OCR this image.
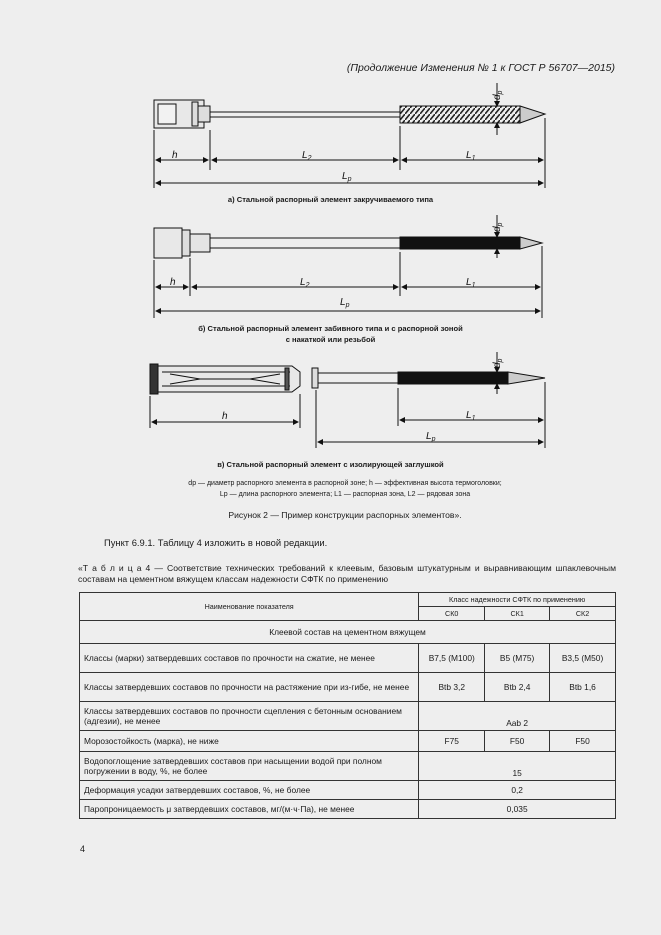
(Продолжение Изменения № 1 к ГОСТ Р 56707—2015)
h	$L_2$	$L_1$
$L_р$
$d_р$
h	$L_2$	$L_1$
$L_р$
$d_р$
h	$L_1$
$L_р$
$d_р$
а) Стальной распорный элемент закручиваемого типа
б) Стальной распорный элемент забивного типа и с распорной зоной
с накаткой или резьбой
в) Стальной распорный элемент с изолирующей заглушкой
dр — диаметр распорного элемента в распорной зоне; h — эффективная высота термоголовки;
Lр — длина распорного элемента; L1 — распорная зона, L2 — рядовая зона
Рисунок 2 — Пример конструкции распорных элементов».
Пункт 6.9.1. Таблицу 4 изложить в новой редакции.
«Т а б л и ц а 4 — Соответствие технических требований к клеевым, базовым штукатурным и выравнивающим шпаклевочным составам на цементном вяжущем классам надежности СФТК по применению
Наименование показателя	Класс надежности СФТК по применению		
	СК0	СК1	СК2
Клеевой состав на цементном вяжущем			
Классы (марки) затвердевших составов по прочности на сжатие, не менее	В7,5 (М100)	В5 (М75)	В3,5 (М50)
Классы затвердевших составов по прочности на растяжение при из-гибе, не менее	Вtb 3,2	Вtb 2,4	Вtb 1,6
Классы затвердевших составов по прочности сцепления с бетонным основанием (адгезии), не менее	Aab 2		
Морозостойкость (марка), не ниже	F75	F50	F50
Водопоглощение затвердевших составов при насыщении водой при полном погружении в воду, %, не более	15		
Деформация усадки затвердевших составов, %, не более	0,2		
Паропроницаемость μ затвердевших составов, мг/(м·ч·Па), не менее	0,035		
4
